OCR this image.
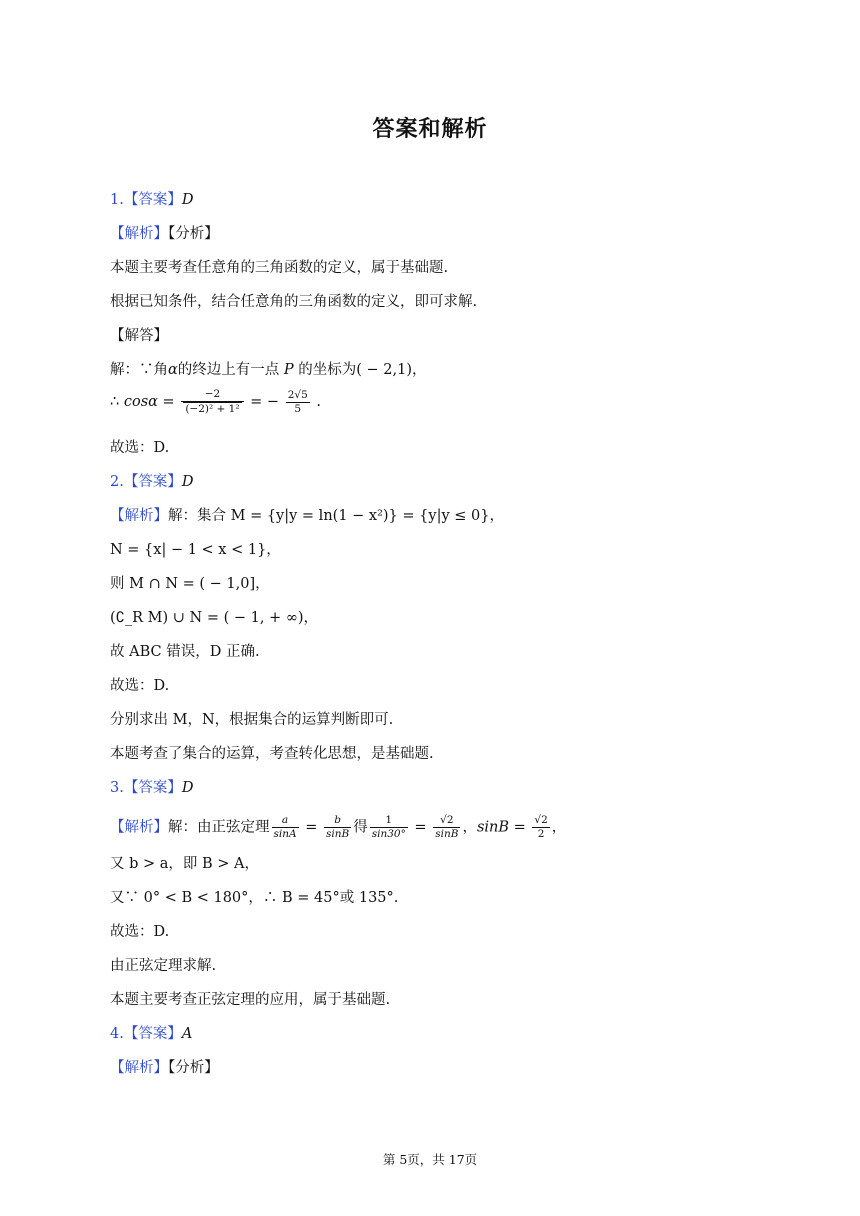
答案和解析
1.【答案】D
【解析】【分析】
本题主要考查任意角的三角函数的定义，属于基础题.
根据已知条件，结合任意角的三角函数的定义，即可求解.
【解答】
解：∵角α的终边上有一点 P 的坐标为( − 2,1)，
∴ $\cos\alpha = \frac{-2}{\text{(−2)² + 1²}}$ = − $\frac{2√5}{5}$ .
故选：D.
2.【答案】D
【解析】解：集合 M = {y|y = ln(1 − x²)} = {y|y ≤ 0}，
N = {x| − 1 < x < 1}，
则 M ∩ N = ( − 1,0]，
(∁_R M) ∪ N = ( − 1, + ∞)，
故 ABC 错误，D 正确.
故选：D.
分别求出 M，N，根据集合的运算判断即可.
本题考查了集合的运算，考查转化思想，是基础题.
3.【答案】D
【解析】解：由正弦定理 $\frac{a}{\sin A} = \frac{b}{\sin B}$ 得 $\frac{1}{\sin 30^\circ} = \frac{√2}{\sin B}$ ，$\sin B = \frac{√2}{2}$ ，
又 b > a，即 B > A，
又∵ 0° < B < 180°，∴ B = 45°或 135°.
故选：D.
由正弦定理求解.
本题主要考查正弦定理的应用，属于基础题.
4.【答案】A
【解析】【分析】
第 5页，共 17页
